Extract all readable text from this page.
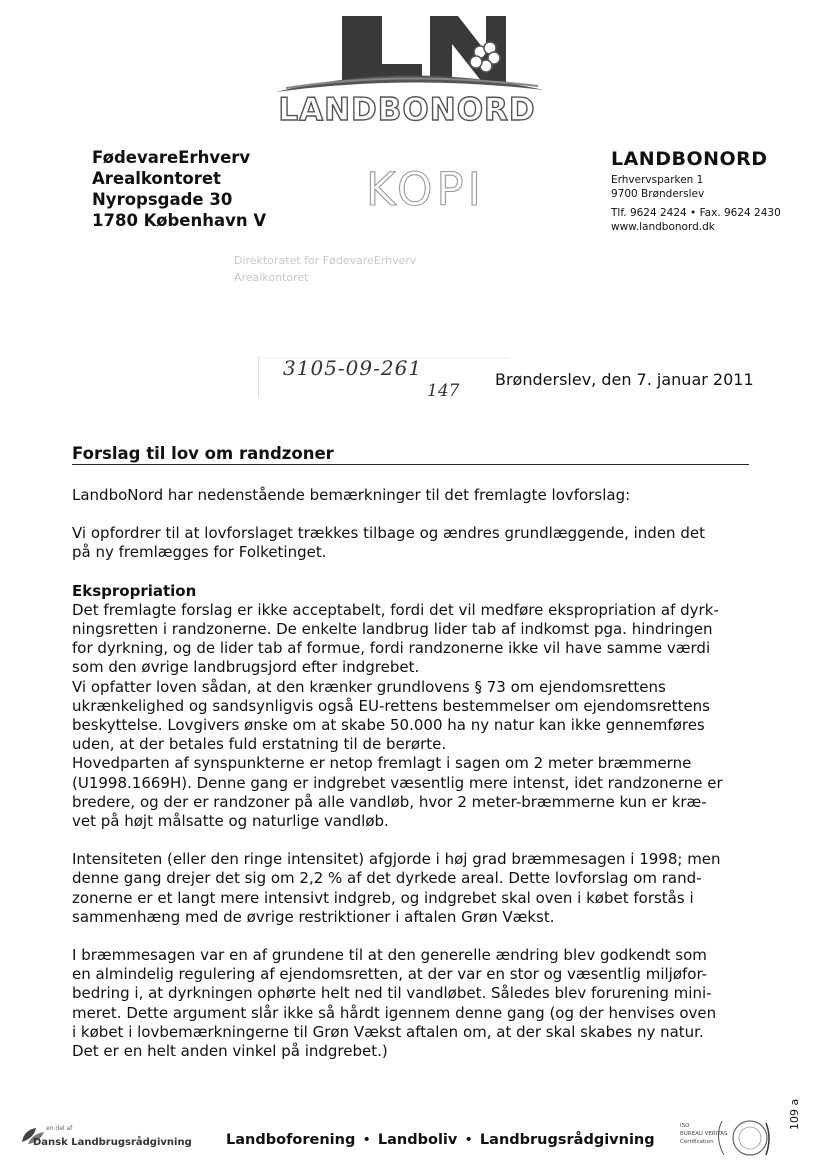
LANDBONORD
FødevareErhverv
Arealkontoret
Nyropsgade 30
1780 København V
KOPI
Direktoratet for FødevareErhverv
Arealkontoret
LANDBONORD
Erhvervsparken 1
9700 Brønderslev
Tlf. 9624 2424 • Fax. 9624 2430
www.landbonord.dk
3105-09-261
147
Brønderslev, den 7. januar 2011
Forslag til lov om randzoner

LandboNord har nedenstående bemærkninger til det fremlagte lovforslag:

Vi opfordrer til at lovforslaget trækkes tilbage og ændres grundlæggende, inden det
på ny fremlægges for Folketinget.
Ekspropriation
Det fremlagte forslag er ikke acceptabelt, fordi det vil medføre ekspropriation af dyrk-
ningsretten i randzonerne. De enkelte landbrug lider tab af indkomst pga. hindringen
for dyrkning, og de lider tab af formue, fordi randzonerne ikke vil have samme værdi
som den øvrige landbrugsjord efter indgrebet.
Vi opfatter loven sådan, at den krænker grundlovens § 73 om ejendomsrettens
ukrænkelighed og sandsynligvis også EU-rettens bestemmelser om ejendomsrettens
beskyttelse. Lovgivers ønske om at skabe 50.000 ha ny natur kan ikke gennemføres
uden, at der betales fuld erstatning til de berørte.
Hovedparten af synspunkterne er netop fremlagt i sagen om 2 meter bræmmerne
(U1998.1669H). Denne gang er indgrebet væsentlig mere intenst, idet randzonerne er
bredere, og der er randzoner på alle vandløb, hvor 2 meter-bræmmerne kun er kræ-
vet på højt målsatte og naturlige vandløb.
Intensiteten (eller den ringe intensitet) afgjorde i høj grad bræmmesagen i 1998; men
denne gang drejer det sig om 2,2 % af det dyrkede areal. Dette lovforslag om rand-
zonerne er et langt mere intensivt indgreb, og indgrebet skal oven i købet forstås i
sammenhæng med de øvrige restriktioner i aftalen Grøn Vækst.
I bræmmesagen var en af grundene til at den generelle ændring blev godkendt som
en almindelig regulering af ejendomsretten, at der var en stor og væsentlig miljøfor-
bedring i, at dyrkningen ophørte helt ned til vandløbet. Således blev forurening mini-
meret. Dette argument slår ikke så hårdt igennem denne gang (og der henvises oven
i købet i lovbemærkningerne til Grøn Vækst aftalen om, at der skal skabes ny natur.
Det er en helt anden vinkel på indgrebet.)
en del af
Dansk Landbrugsrådgivning Landboforening • Landboliv • Landbrugsrådgivning
ISO
BUREAU VERITAS
Certification
109 a
